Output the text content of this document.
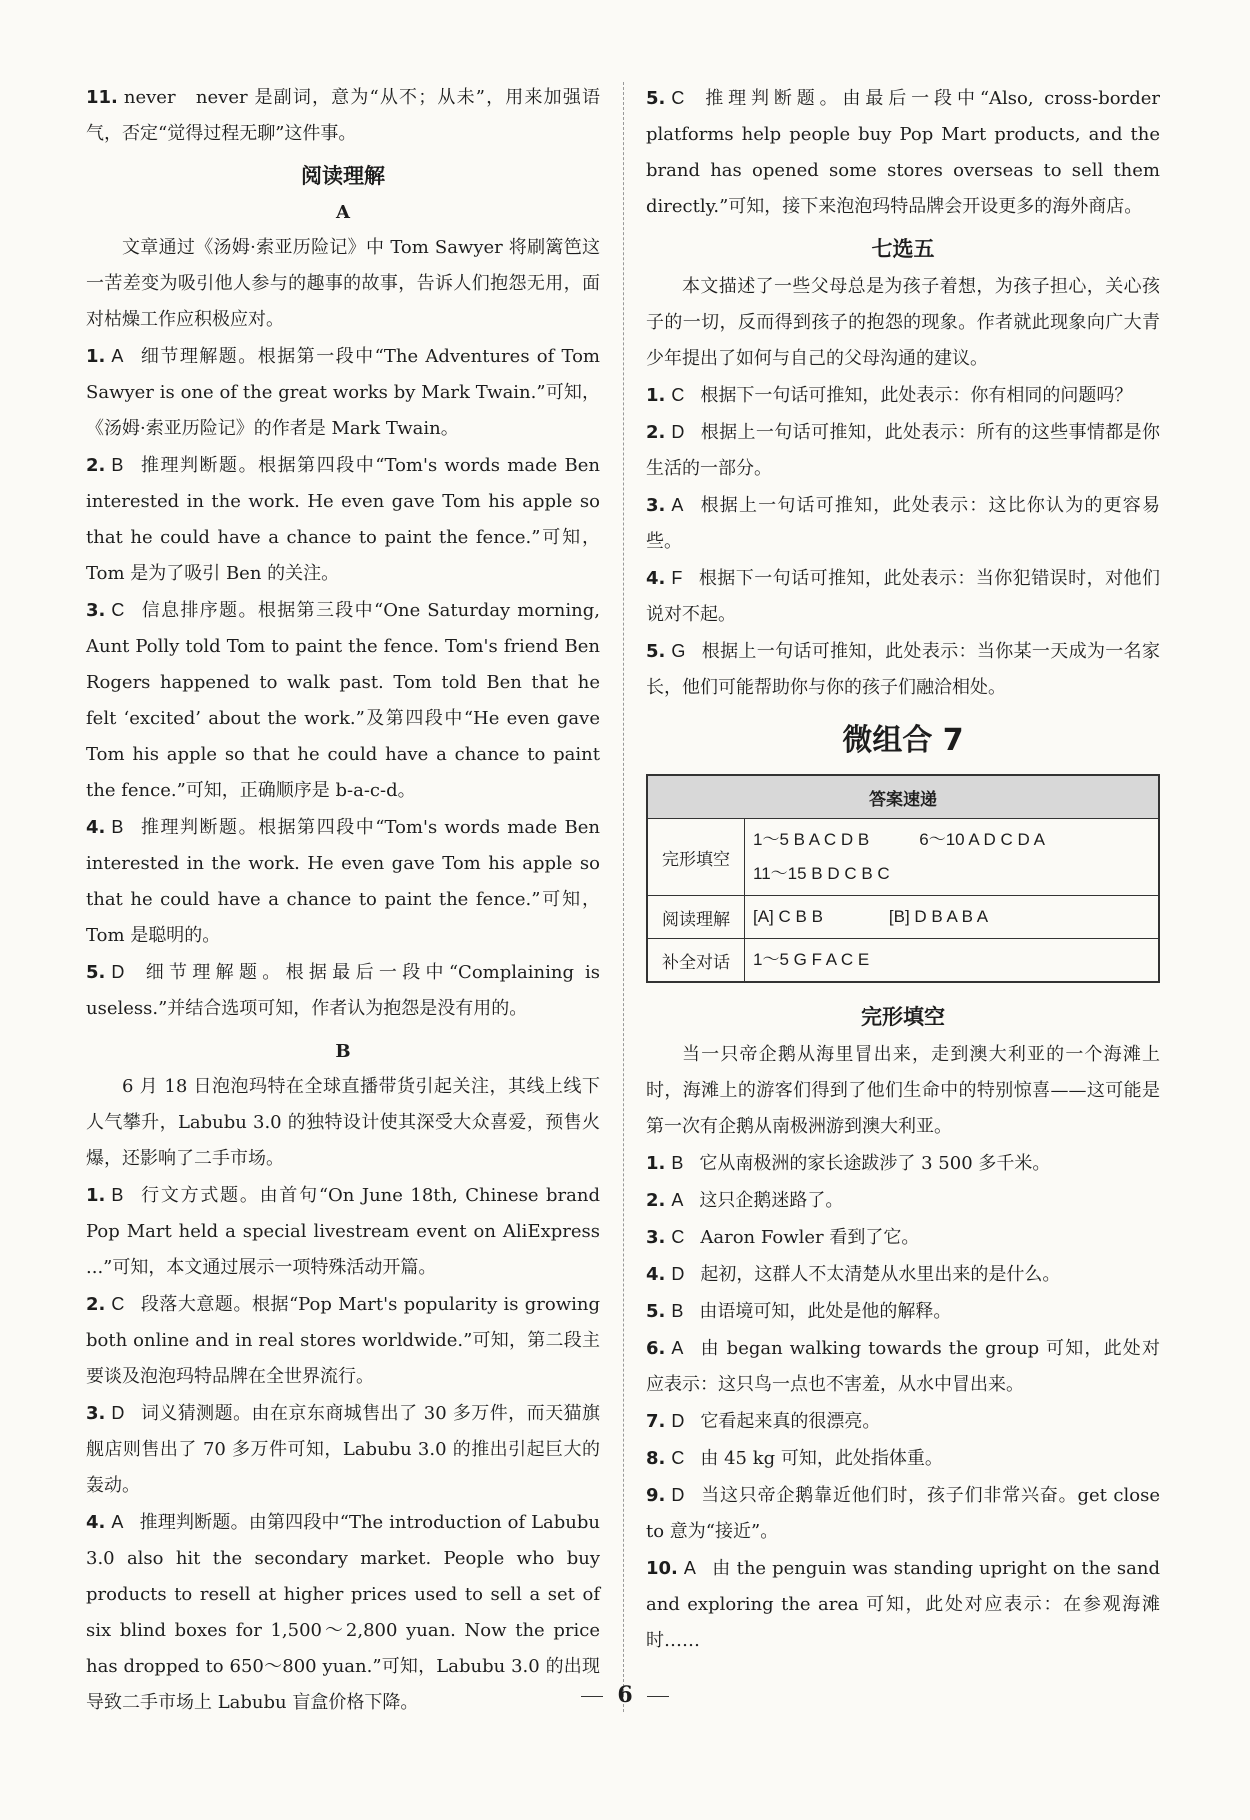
11. never　never 是副词，意为“从不；从未”，用来加强语气，否定“觉得过程无聊”这件事。

阅读理解
A

文章通过《汤姆·索亚历险记》中 Tom Sawyer 将刷篱笆这一苦差变为吸引他人参与的趣事的故事，告诉人们抱怨无用，面对枯燥工作应积极应对。

1. A 细节理解题。根据第一段中“The Adventures of Tom Sawyer is one of the great works by Mark Twain.”可知，《汤姆·索亚历险记》的作者是 Mark Twain。

2. B 推理判断题。根据第四段中“Tom's words made Ben interested in the work. He even gave Tom his apple so that he could have a chance to paint the fence.”可知，Tom 是为了吸引 Ben 的关注。

3. C 信息排序题。根据第三段中“One Saturday morning, Aunt Polly told Tom to paint the fence. Tom's friend Ben Rogers happened to walk past. Tom told Ben that he felt ‘excited’ about the work.”及第四段中“He even gave Tom his apple so that he could have a chance to paint the fence.”可知，正确顺序是 b-a-c-d。

4. B 推理判断题。根据第四段中“Tom's words made Ben interested in the work. He even gave Tom his apple so that he could have a chance to paint the fence.”可知，Tom 是聪明的。

5. D 细节理解题。根据最后一段中“Complaining is useless.”并结合选项可知，作者认为抱怨是没有用的。

B

6 月 18 日泡泡玛特在全球直播带货引起关注，其线上线下人气攀升，Labubu 3.0 的独特设计使其深受大众喜爱，预售火爆，还影响了二手市场。

1. B 行文方式题。由首句“On June 18th, Chinese brand Pop Mart held a special livestream event on AliExpress ...”可知，本文通过展示一项特殊活动开篇。

2. C 段落大意题。根据“Pop Mart's popularity is growing both online and in real stores worldwide.”可知，第二段主要谈及泡泡玛特品牌在全世界流行。

3. D 词义猜测题。由在京东商城售出了 30 多万件，而天猫旗舰店则售出了 70 多万件可知，Labubu 3.0 的推出引起巨大的轰动。

4. A 推理判断题。由第四段中“The introduction of Labubu 3.0 also hit the secondary market. People who buy products to resell at higher prices used to sell a set of six blind boxes for 1,500～2,800 yuan. Now the price has dropped to 650～800 yuan.”可知，Labubu 3.0 的出现导致二手市场上 Labubu 盲盒价格下降。

5. C 推理判断题。由最后一段中“Also, cross-border platforms help people buy Pop Mart products, and the brand has opened some stores overseas to sell them directly.”可知，接下来泡泡玛特品牌会开设更多的海外商店。

七选五

本文描述了一些父母总是为孩子着想，为孩子担心，关心孩子的一切，反而得到孩子的抱怨的现象。作者就此现象向广大青少年提出了如何与自己的父母沟通的建议。

1. C 根据下一句话可推知，此处表示：你有相同的问题吗？

2. D 根据上一句话可推知，此处表示：所有的这些事情都是你生活的一部分。

3. A 根据上一句话可推知，此处表示：这比你认为的更容易些。

4. F 根据下一句话可推知，此处表示：当你犯错误时，对他们说对不起。

5. G 根据上一句话可推知，此处表示：当你某一天成为一名家长，他们可能帮助你与你的孩子们融洽相处。

微组合 7
答案速递	
完形填空	1～5 B A C D B 6～10 A D C D A
11～15 B D C B C

阅读理解	[A] C B B [B] D B A B A

补全对话	1～5 G F A C E
完形填空

当一只帝企鹅从海里冒出来，走到澳大利亚的一个海滩上时，海滩上的游客们得到了他们生命中的特别惊喜——这可能是第一次有企鹅从南极洲游到澳大利亚。

1. B 它从南极洲的家长途跋涉了 3 500 多千米。

2. A 这只企鹅迷路了。

3. C Aaron Fowler 看到了它。

4. D 起初，这群人不太清楚从水里出来的是什么。

5. B 由语境可知，此处是他的解释。

6. A 由 began walking towards the group 可知，此处对应表示：这只鸟一点也不害羞，从水中冒出来。

7. D 它看起来真的很漂亮。

8. C 由 45 kg 可知，此处指体重。

9. D 当这只帝企鹅靠近他们时，孩子们非常兴奋。get close to 意为“接近”。

10. A 由 the penguin was standing upright on the sand and exploring the area 可知，此处对应表示：在参观海滩时……

6
